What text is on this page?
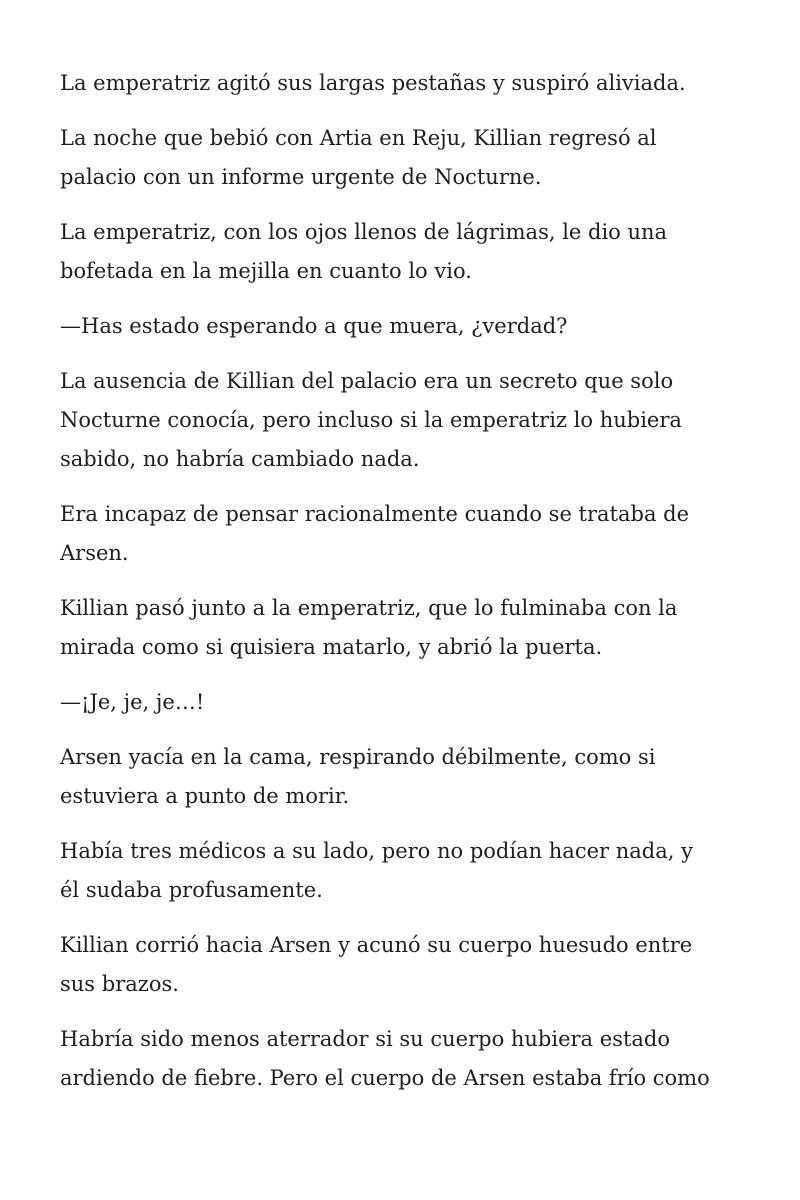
La emperatriz agitó sus largas pestañas y suspiró aliviada.

La noche que bebió con Artia en Reju, Killian regresó al
palacio con un informe urgente de Nocturne.

La emperatriz, con los ojos llenos de lágrimas, le dio una
bofetada en la mejilla en cuanto lo vio.

—Has estado esperando a que muera, ¿verdad?

La ausencia de Killian del palacio era un secreto que solo
Nocturne conocía, pero incluso si la emperatriz lo hubiera
sabido, no habría cambiado nada.

Era incapaz de pensar racionalmente cuando se trataba de
Arsen.

Killian pasó junto a la emperatriz, que lo fulminaba con la
mirada como si quisiera matarlo, y abrió la puerta.

—¡Je, je, je…!

Arsen yacía en la cama, respirando débilmente, como si
estuviera a punto de morir.

Había tres médicos a su lado, pero no podían hacer nada, y
él sudaba profusamente.

Killian corrió hacia Arsen y acunó su cuerpo huesudo entre
sus brazos.

Habría sido menos aterrador si su cuerpo hubiera estado
ardiendo de fiebre. Pero el cuerpo de Arsen estaba frío como
